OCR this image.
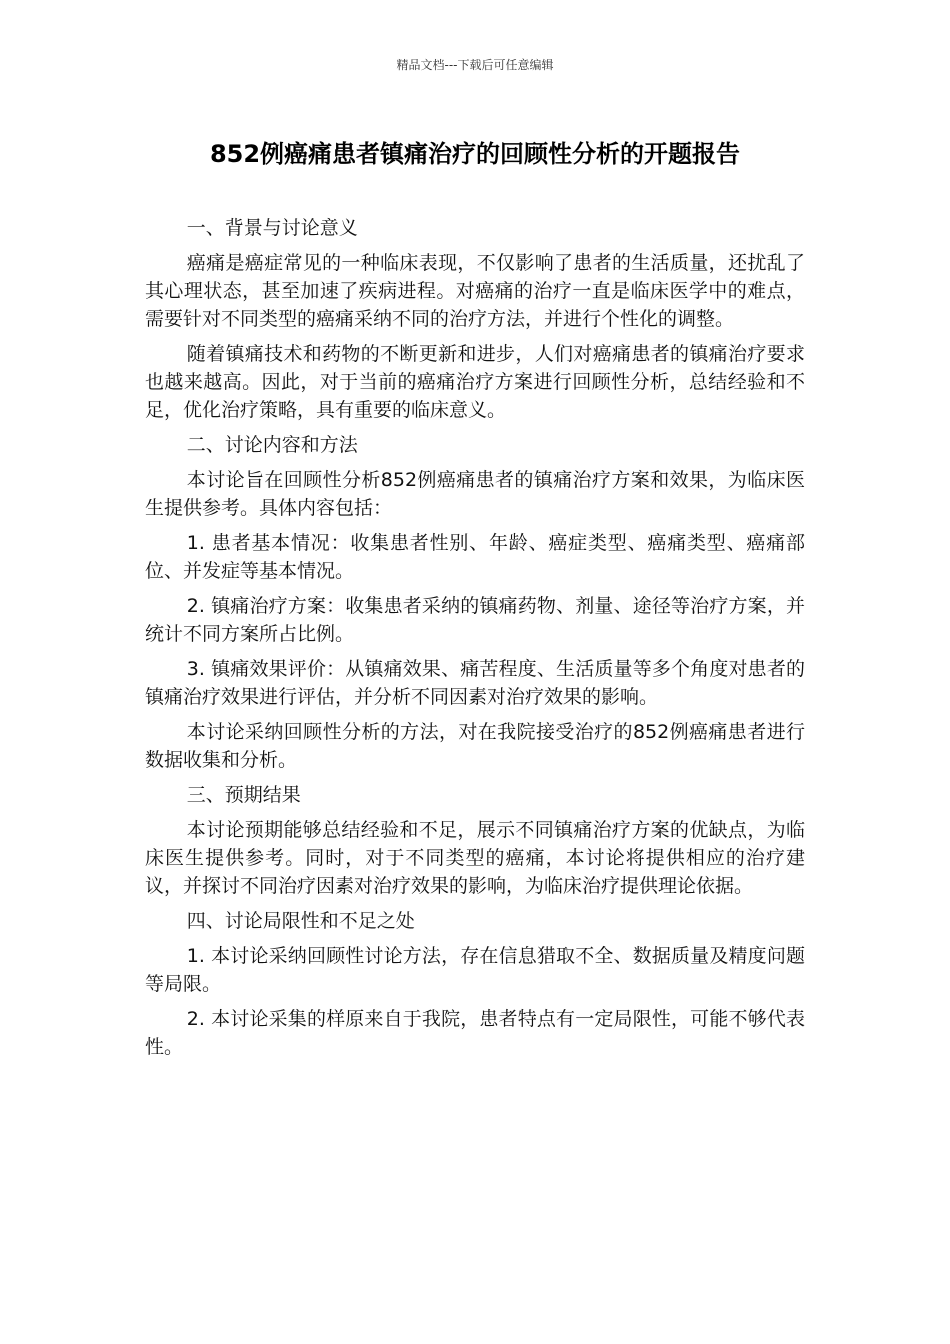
精品文档---下载后可任意编辑
852例癌痛患者镇痛治疗的回顾性分析的开题报告

一、背景与讨论意义

癌痛是癌症常见的一种临床表现，不仅影响了患者的生活质量，还扰乱了其心理状态，甚至加速了疾病进程。对癌痛的治疗一直是临床医学中的难点，需要针对不同类型的癌痛采纳不同的治疗方法，并进行个性化的调整。

随着镇痛技术和药物的不断更新和进步，人们对癌痛患者的镇痛治疗要求也越来越高。因此，对于当前的癌痛治疗方案进行回顾性分析，总结经验和不足，优化治疗策略，具有重要的临床意义。

二、讨论内容和方法

本讨论旨在回顾性分析852例癌痛患者的镇痛治疗方案和效果，为临床医生提供参考。具体内容包括：

1. 患者基本情况：收集患者性别、年龄、癌症类型、癌痛类型、癌痛部位、并发症等基本情况。

2. 镇痛治疗方案：收集患者采纳的镇痛药物、剂量、途径等治疗方案，并统计不同方案所占比例。

3. 镇痛效果评价：从镇痛效果、痛苦程度、生活质量等多个角度对患者的镇痛治疗效果进行评估，并分析不同因素对治疗效果的影响。

本讨论采纳回顾性分析的方法，对在我院接受治疗的852例癌痛患者进行数据收集和分析。

三、预期结果

本讨论预期能够总结经验和不足，展示不同镇痛治疗方案的优缺点，为临床医生提供参考。同时，对于不同类型的癌痛，本讨论将提供相应的治疗建议，并探讨不同治疗因素对治疗效果的影响，为临床治疗提供理论依据。

四、讨论局限性和不足之处

1. 本讨论采纳回顾性讨论方法，存在信息猎取不全、数据质量及精度问题等局限。

2. 本讨论采集的样原来自于我院，患者特点有一定局限性，可能不够代表性。
